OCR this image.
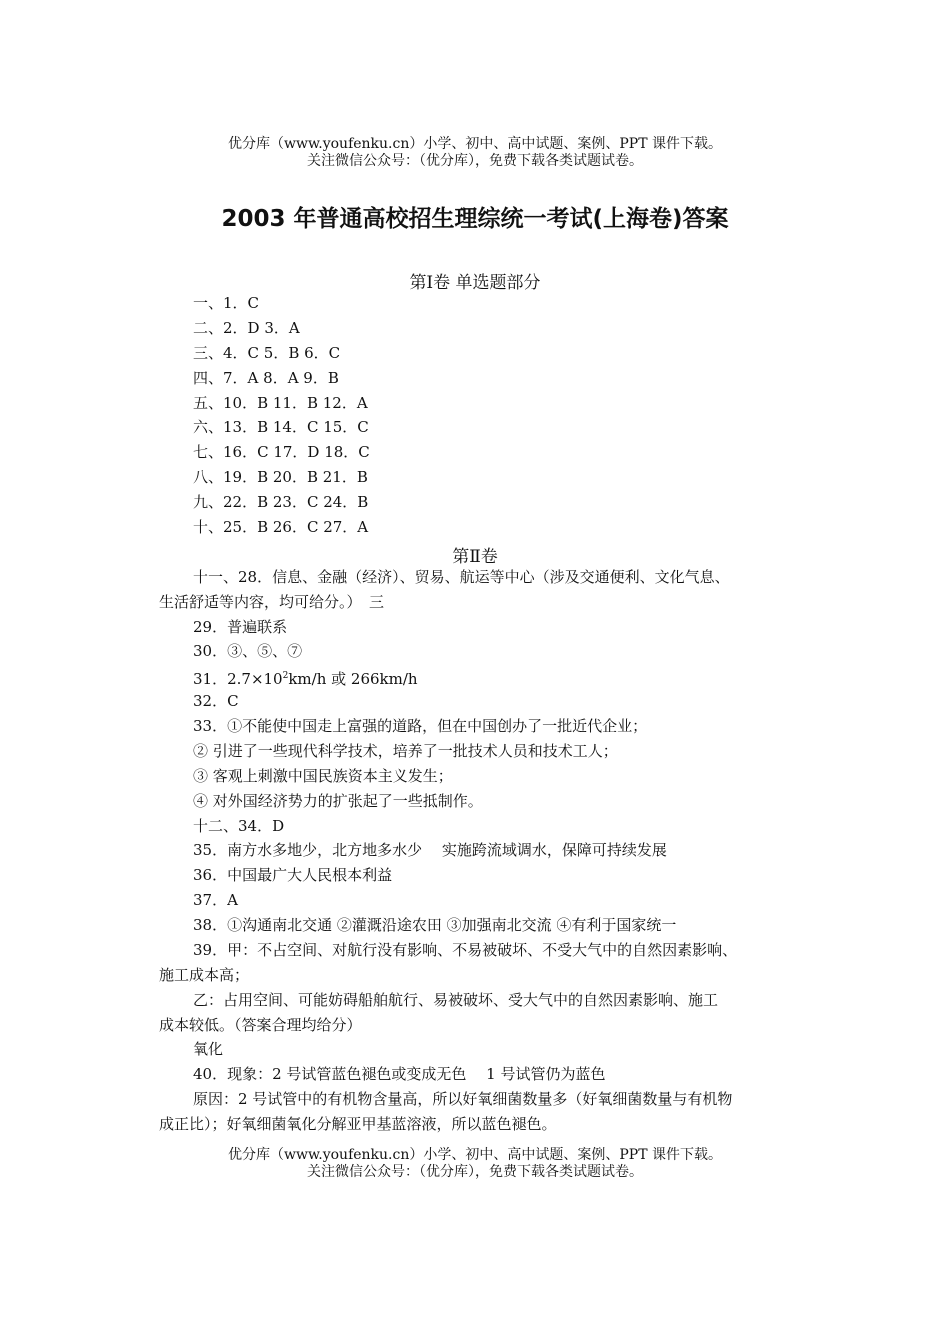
优分库（www.youfenku.cn）小学、初中、高中试题、案例、PPT 课件下载。
关注微信公众号：（优分库），免费下载各类试题试卷。
2003 年普通高校招生理综统一考试(上海卷)答案
第Ⅰ卷 单选题部分
一、1．C
二、2．D 3．A
三、4．C 5．B 6．C
四、7．A 8．A 9．B
五、10．B 11．B 12．A
六、13．B 14．C 15．C
七、16．C 17．D 18．C
八、19．B 20．B 21．B
九、22．B 23．C 24．B
十、25．B 26．C 27．A
第Ⅱ卷
十一、28．信息、金融（经济）、贸易、航运等中心（涉及交通便利、文化气息、
生活舒适等内容，均可给分。）　三
29．普遍联系
30．③、⑤、⑦
31．$2.7\times 10^2km/h$ 或 266km/h
32．C
33．①不能使中国走上富强的道路，但在中国创办了一批近代企业；
② 引进了一些现代科学技术，培养了一批技术人员和技术工人；
③ 客观上刺激中国民族资本主义发生；
④ 对外国经济势力的扩张起了一些抵制作。
十二、34．D
35．南方水多地少，北方地多水少　 实施跨流域调水，保障可持续发展
36．中国最广大人民根本利益
37．A
38．①沟通南北交通 ②灌溉沿途农田 ③加强南北交流 ④有利于国家统一
39．甲：不占空间、对航行没有影响、不易被破坏、不受大气中的自然因素影响、
施工成本高；
乙：占用空间、可能妨碍船舶航行、易被破坏、受大气中的自然因素影响、施工
成本较低。（答案合理均给分）
氧化
40．现象：2 号试管蓝色褪色或变成无色　 1 号试管仍为蓝色
原因：2 号试管中的有机物含量高，所以好氧细菌数量多（好氧细菌数量与有机物
成正比）；好氧细菌氧化分解亚甲基蓝溶液，所以蓝色褪色。
优分库（www.youfenku.cn）小学、初中、高中试题、案例、PPT 课件下载。
关注微信公众号：（优分库），免费下载各类试题试卷。
